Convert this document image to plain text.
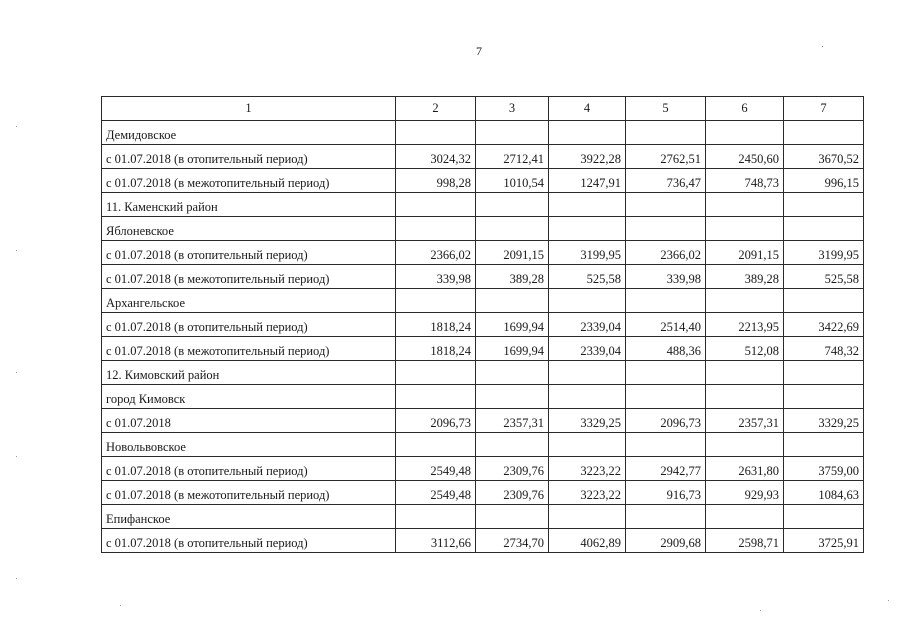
7
1	2	3	4	5	6	7
Демидовское						
с 01.07.2018 (в отопительный период)	3024,32	2712,41	3922,28	2762,51	2450,60	3670,52
с 01.07.2018 (в межотопительный период)	998,28	1010,54	1247,91	736,47	748,73	996,15
11. Каменский район						
Яблоневское						
с 01.07.2018 (в отопительный период)	2366,02	2091,15	3199,95	2366,02	2091,15	3199,95
с 01.07.2018 (в межотопительный период)	339,98	389,28	525,58	339,98	389,28	525,58
Архангельское						
с 01.07.2018 (в отопительный период)	1818,24	1699,94	2339,04	2514,40	2213,95	3422,69
с 01.07.2018 (в межотопительный период)	1818,24	1699,94	2339,04	488,36	512,08	748,32
12. Кимовский район						
город Кимовск						
с 01.07.2018	2096,73	2357,31	3329,25	2096,73	2357,31	3329,25
Новольвовское						
с 01.07.2018 (в отопительный период)	2549,48	2309,76	3223,22	2942,77	2631,80	3759,00
с 01.07.2018 (в межотопительный период)	2549,48	2309,76	3223,22	916,73	929,93	1084,63
Епифанское						
с 01.07.2018 (в отопительный период)	3112,66	2734,70	4062,89	2909,68	2598,71	3725,91
